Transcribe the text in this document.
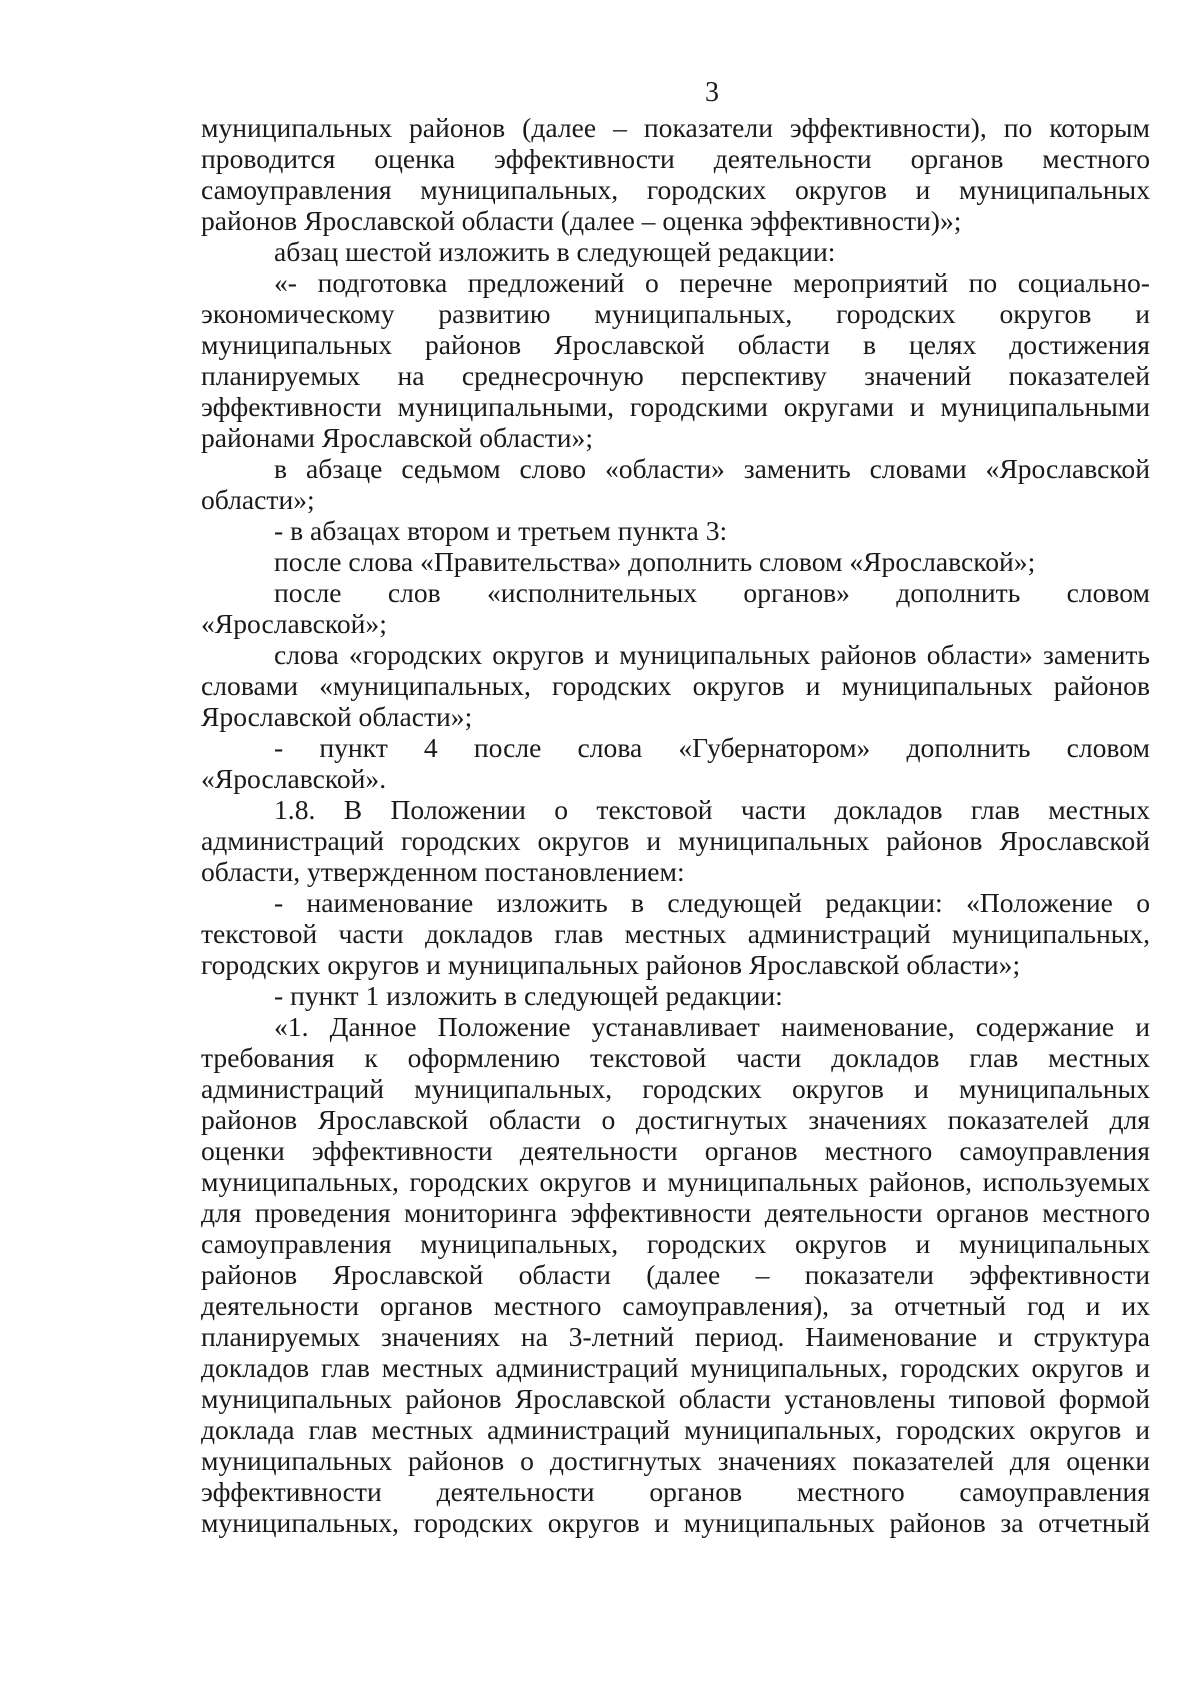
3
муниципальных районов (далее – показатели эффективности), по которым
проводится оценка эффективности деятельности органов местного
самоуправления муниципальных, городских округов и муниципальных
районов Ярославской области (далее – оценка эффективности)»;
абзац шестой изложить в следующей редакции:
«- подготовка предложений о перечне мероприятий по социально-
экономическому развитию муниципальных, городских округов и
муниципальных районов Ярославской области в целях достижения
планируемых на среднесрочную перспективу значений показателей
эффективности муниципальными, городскими округами и муниципальными
районами Ярославской области»;
в абзаце седьмом слово «области» заменить словами «Ярославской
области»;
- в абзацах втором и третьем пункта 3:
после слова «Правительства» дополнить словом «Ярославской»;
после слов «исполнительных органов» дополнить словом
«Ярославской»;
слова «городских округов и муниципальных районов области» заменить
словами «муниципальных, городских округов и муниципальных районов
Ярославской области»;
- пункт 4 после слова «Губернатором» дополнить словом
«Ярославской».
1.8. В Положении о текстовой части докладов глав местных
администраций городских округов и муниципальных районов Ярославской
области, утвержденном постановлением:
- наименование изложить в следующей редакции: «Положение о
текстовой части докладов глав местных администраций муниципальных,
городских округов и муниципальных районов Ярославской области»;
- пункт 1 изложить в следующей редакции:
«1. Данное Положение устанавливает наименование, содержание и
требования к оформлению текстовой части докладов глав местных
администраций муниципальных, городских округов и муниципальных
районов Ярославской области о достигнутых значениях показателей для
оценки эффективности деятельности органов местного самоуправления
муниципальных, городских округов и муниципальных районов, используемых
для проведения мониторинга эффективности деятельности органов местного
самоуправления муниципальных, городских округов и муниципальных
районов Ярославской области (далее – показатели эффективности
деятельности органов местного самоуправления), за отчетный год и их
планируемых значениях на 3-летний период. Наименование и структура
докладов глав местных администраций муниципальных, городских округов и
муниципальных районов Ярославской области установлены типовой формой
доклада глав местных администраций муниципальных, городских округов и
муниципальных районов о достигнутых значениях показателей для оценки
эффективности деятельности органов местного самоуправления
муниципальных, городских округов и муниципальных районов за отчетный
